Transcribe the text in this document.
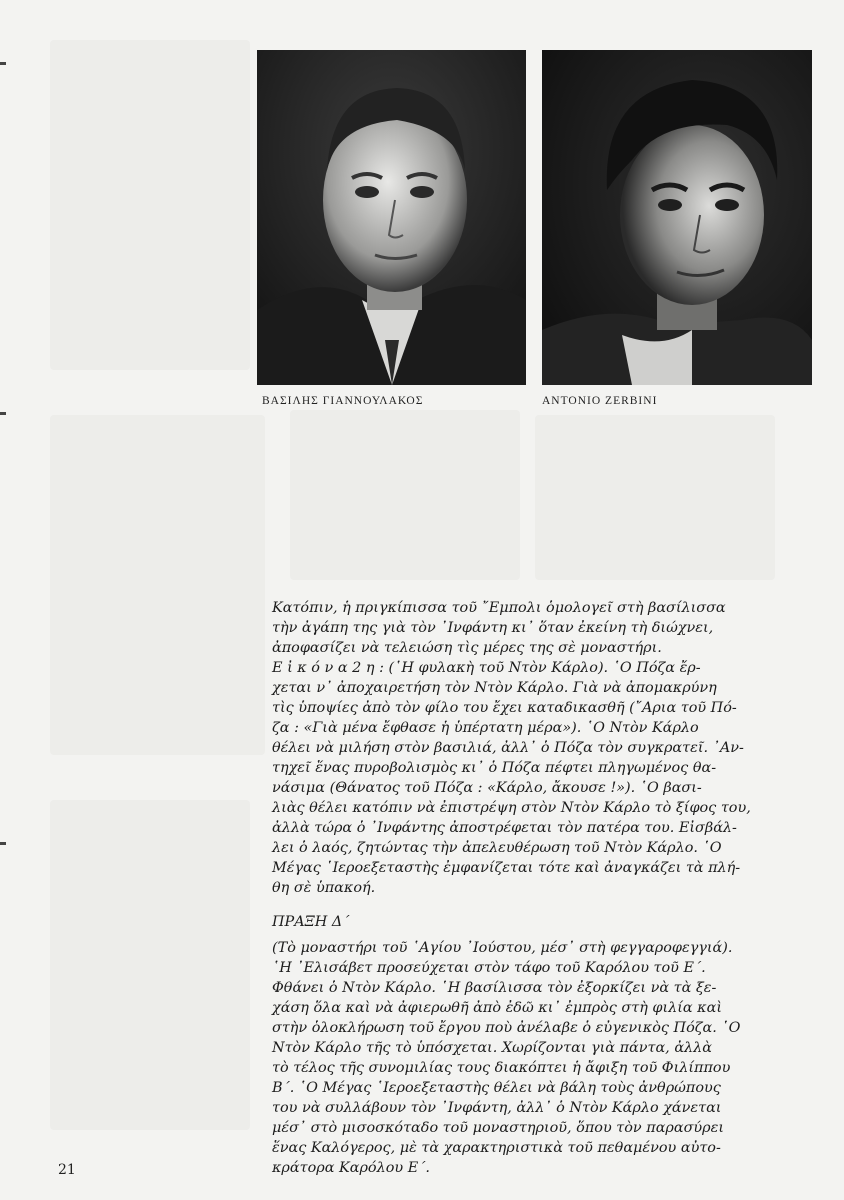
ΒΑΣΙΛΗΣ ΓΙΑΝΝΟΥΛΑΚΟΣ	ANTONIO ZERBINI
Κατόπιν, ἡ πριγκίπισσα τοῦ ῎Εμπολι ὁμολογεῖ στὴ βασίλισσα
τὴν ἀγάπη της γιὰ τὸν ᾿Ινφάντη κι᾿ ὅταν ἐκείνη τὴ διώχνει,
ἀποφασίζει νὰ τελειώση τὶς μέρες της σὲ μοναστήρι.
Ε ἰ κ ό ν α 2 η : (῾Η φυλακὴ τοῦ Ντὸν Κάρλο). ῾Ο Πόζα ἔρ-
χεται ν᾿ ἀποχαιρετήση τὸν Ντὸν Κάρλο. Γιὰ νὰ ἀπομακρύνη
τὶς ὑποψίες ἀπὸ τὸν φίλο του ἔχει καταδικασθῆ (῎Αρια τοῦ Πό-
ζα : «Γιὰ μένα ἔφθασε ἡ ὑπέρτατη μέρα»). ῾Ο Ντὸν Κάρλο
θέλει νὰ μιλήση στὸν βασιλιά, ἀλλ᾿ ὁ Πόζα τὸν συγκρατεῖ. ᾿Αν-
τηχεῖ ἕνας πυροβολισμὸς κι᾿ ὁ Πόζα πέφτει πληγωμένος θα-
νάσιμα (Θάνατος τοῦ Πόζα : «Κάρλο, ἄκουσε !»). ῾Ο βασι-
λιὰς θέλει κατόπιν νὰ ἐπιστρέψη στὸν Ντὸν Κάρλο τὸ ξίφος του,
ἀλλὰ τώρα ὁ ᾿Ινφάντης ἀποστρέφεται τὸν πατέρα του. Εἰσβάλ-
λει ὁ λαός, ζητώντας τὴν ἀπελευθέρωση τοῦ Ντὸν Κάρλο. ῾Ο
Μέγας ῾Ιεροεξεταστὴς ἐμφανίζεται τότε καὶ ἀναγκάζει τὰ πλή-
θη σὲ ὑπακοή.
ΠΡΑΞΗ Δ΄
(Τὸ μοναστήρι τοῦ ῾Αγίου ᾿Ιούστου, μέσ᾿ στὴ φεγγαροφεγγιά).
῾Η ᾿Ελισάβετ προσεύχεται στὸν τάφο τοῦ Καρόλου τοῦ Ε΄.
Φθάνει ὁ Ντὸν Κάρλο. ῾Η βασίλισσα τὸν ἐξορκίζει νὰ τὰ ξε-
χάση ὅλα καὶ νὰ ἀφιερωθῆ ἀπὸ ἐδῶ κι᾿ ἐμπρὸς στὴ φιλία καὶ
στὴν ὁλοκλήρωση τοῦ ἔργου ποὺ ἀνέλαβε ὁ εὐγενικὸς Πόζα. ῾Ο
Ντὸν Κάρλο τῆς τὸ ὑπόσχεται. Χωρίζονται γιὰ πάντα, ἀλλὰ
τὸ τέλος τῆς συνομιλίας τους διακόπτει ἡ ἄφιξη τοῦ Φιλίππου
Β΄. ῾Ο Μέγας ῾Ιεροεξεταστὴς θέλει νὰ βάλη τοὺς ἀνθρώπους
του νὰ συλλάβουν τὸν ᾿Ινφάντη, ἀλλ᾿ ὁ Ντὸν Κάρλο χάνεται
μέσ᾿ στὸ μισοσκόταδο τοῦ μοναστηριοῦ, ὅπου τὸν παρασύρει
ἕνας Καλόγερος, μὲ τὰ χαρακτηριστικὰ τοῦ πεθαμένου αὐτο-
κράτορα Καρόλου Ε΄.
21
